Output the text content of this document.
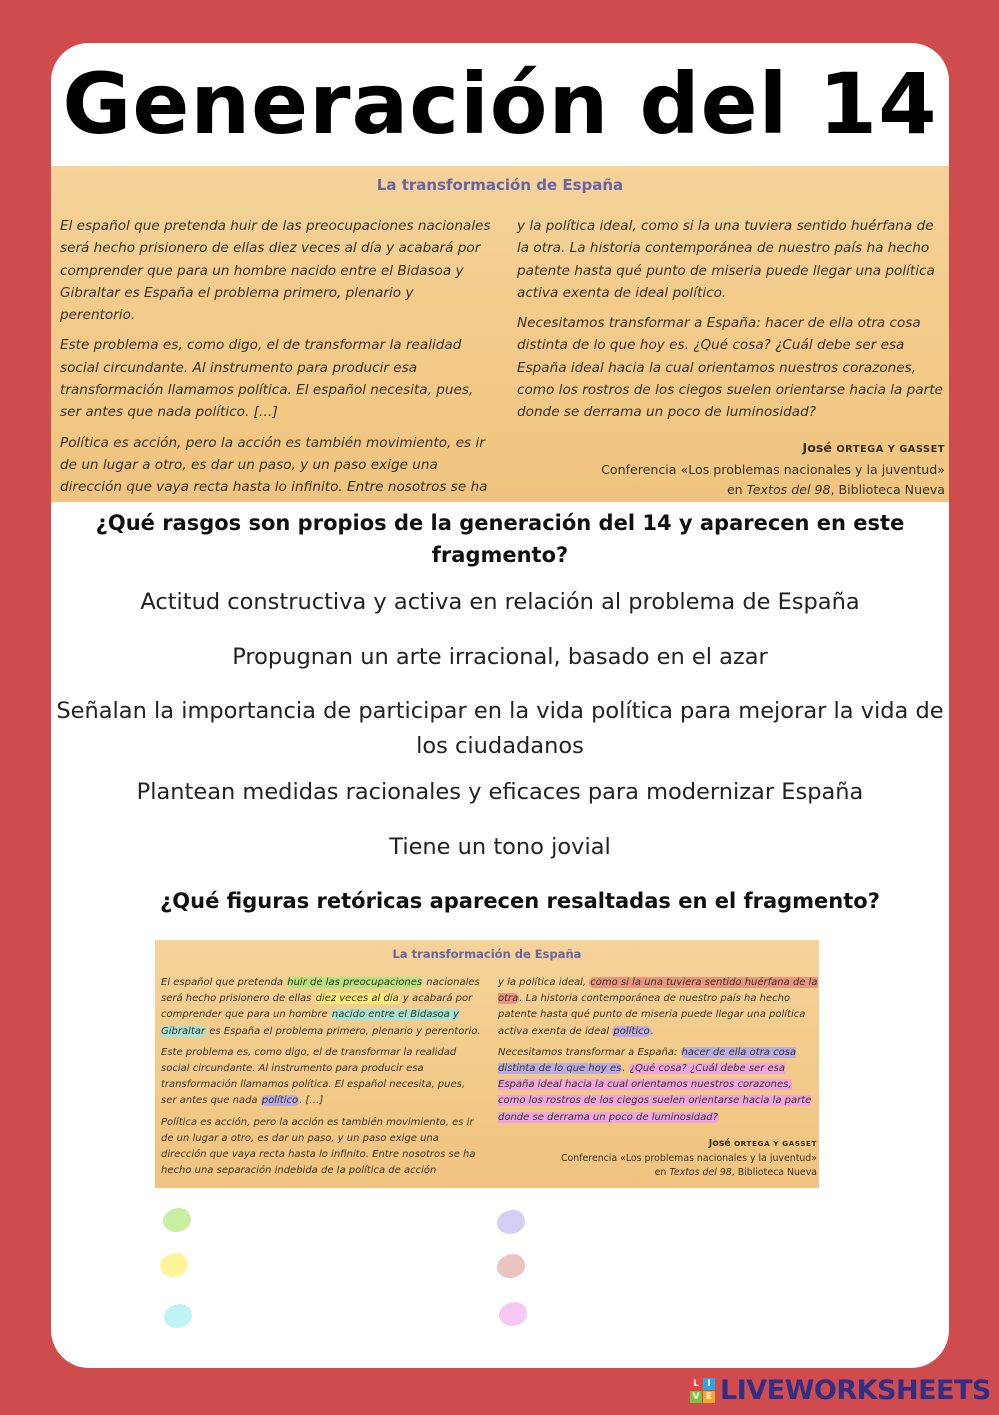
Generación del 14
La transformación de España

El español que pretenda huir de las preocupaciones nacionales será hecho prisionero de ellas diez veces al día y acabará por comprender que para un hombre nacido entre el Bidasoa y Gibraltar es España el problema primero, plenario y perentorio.

Este problema es, como digo, el de transformar la realidad social circundante. Al instrumento para producir esa transformación llamamos política. El español necesita, pues, ser antes que nada político. […]

Política es acción, pero la acción es también movimiento, es ir de un lugar a otro, es dar un paso, y un paso exige una dirección que vaya recta hasta lo infinito. Entre nosotros se ha

y la política ideal, como si la una tuviera sentido huérfana de la otra. La historia contemporánea de nuestro país ha hecho patente hasta qué punto de miseria puede llegar una política activa exenta de ideal político.

Necesitamos transformar a España: hacer de ella otra cosa distinta de lo que hoy es. ¿Qué cosa? ¿Cuál debe ser esa España ideal hacia la cual orientamos nuestros corazones, como los rostros de los ciegos suelen orientarse hacia la parte donde se derrama un poco de luminosidad?

José ORTEGA Y GASSET
Conferencia «Los problemas nacionales y la juventud»
en Textos del 98, Biblioteca Nueva
¿Qué rasgos son propios de la generación del 14 y aparecen en este fragmento?
Actitud constructiva y activa en relación al problema de España
Propugnan un arte irracional, basado en el azar
Señalan la importancia de participar en la vida política para mejorar la vida de los ciudadanos
Plantean medidas racionales y eficaces para modernizar España
Tiene un tono jovial
¿Qué figuras retóricas aparecen resaltadas en el fragmento?
La transformación de España

El español que pretenda huir de las preocupaciones nacionales será hecho prisionero de ellas diez veces al día y acabará por comprender que para un hombre nacido entre el Bidasoa y Gibraltar es España el problema primero, plenario y perentorio.

Este problema es, como digo, el de transformar la realidad social circundante. Al instrumento para producir esa transformación llamamos política. El español necesita, pues, ser antes que nada político. […]

Política es acción, pero la acción es también movimiento, es ir de un lugar a otro, es dar un paso, y un paso exige una dirección que vaya recta hasta lo infinito. Entre nosotros se ha hecho una separación indebida de la política de acción

y la política ideal, como si la una tuviera sentido huérfana de la otra. La historia contemporánea de nuestro país ha hecho patente hasta qué punto de miseria puede llegar una política activa exenta de ideal político.

Necesitamos transformar a España: hacer de ella otra cosa distinta de lo que hoy es. ¿Qué cosa? ¿Cuál debe ser esa España ideal hacia la cual orientamos nuestros corazones, como los rostros de los ciegos suelen orientarse hacia la parte donde se derrama un poco de luminosidad?

José ORTEGA Y GASSET
Conferencia «Los problemas nacionales y la juventud»
en Textos del 98, Biblioteca Nueva
L I
V E LIVEWORKSHEETS
